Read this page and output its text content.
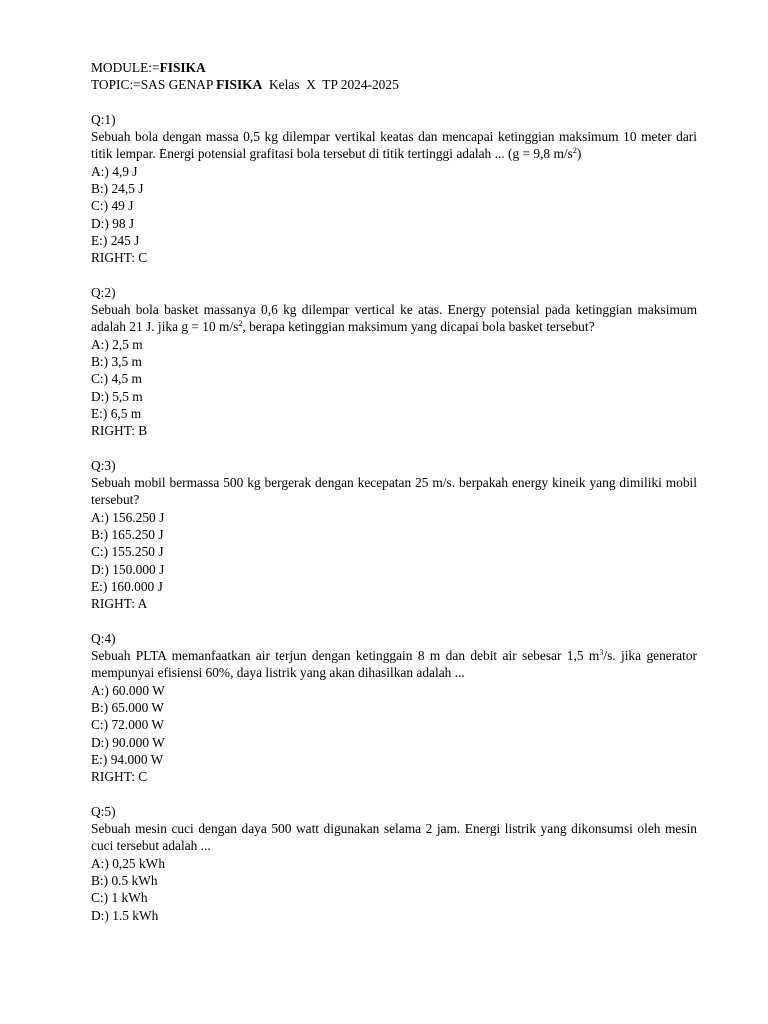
MODULE:=FISIKA
TOPIC:=SAS GENAP FISIKA  Kelas  X  TP 2024-2025
Q:1)
Sebuah bola dengan massa 0,5 kg dilempar vertikal keatas dan mencapai ketinggian maksimum 10 meter dari titik lempar. Energi potensial grafitasi bola tersebut di titik tertinggi adalah ... (g = 9,8 $m/s^2$)
A:) 4,9 J
B:) 24,5 J
C:) 49 J
D:) 98 J
E:) 245 J
RIGHT: C
Q:2)
Sebuah bola basket massanya 0,6 kg dilempar vertical ke atas. Energy potensial pada ketinggian maksimum adalah 21 J. jika g = 10 $m/s^2$, berapa ketinggian maksimum yang dicapai bola basket tersebut?
A:) 2,5 m
B:) 3,5 m
C:) 4,5 m
D:) 5,5 m
E:) 6,5 m
RIGHT: B
Q:3)
Sebuah mobil bermassa 500 kg bergerak dengan kecepatan 25 m/s. berpakah energy kineik yang dimiliki mobil tersebut?
A:) 156.250 J
B:) 165.250 J
C:) 155.250 J
D:) 150.000 J
E:) 160.000 J
RIGHT: A
Q:4)
Sebuah PLTA memanfaatkan air terjun dengan ketinggain 8 m dan debit air sebesar 1,5 $m^3/s$. jika generator mempunyai efisiensi 60%, daya listrik yang akan dihasilkan adalah ...
A:) 60.000 W
B:) 65.000 W
C:) 72.000 W
D:) 90.000 W
E:) 94.000 W
RIGHT: C
Q:5)
Sebuah mesin cuci dengan daya 500 watt digunakan selama 2 jam. Energi listrik yang dikonsumsi oleh mesin cuci tersebut adalah ...
A:) 0,25 kWh
B:) 0.5 kWh
C:) 1 kWh
D:) 1.5 kWh
